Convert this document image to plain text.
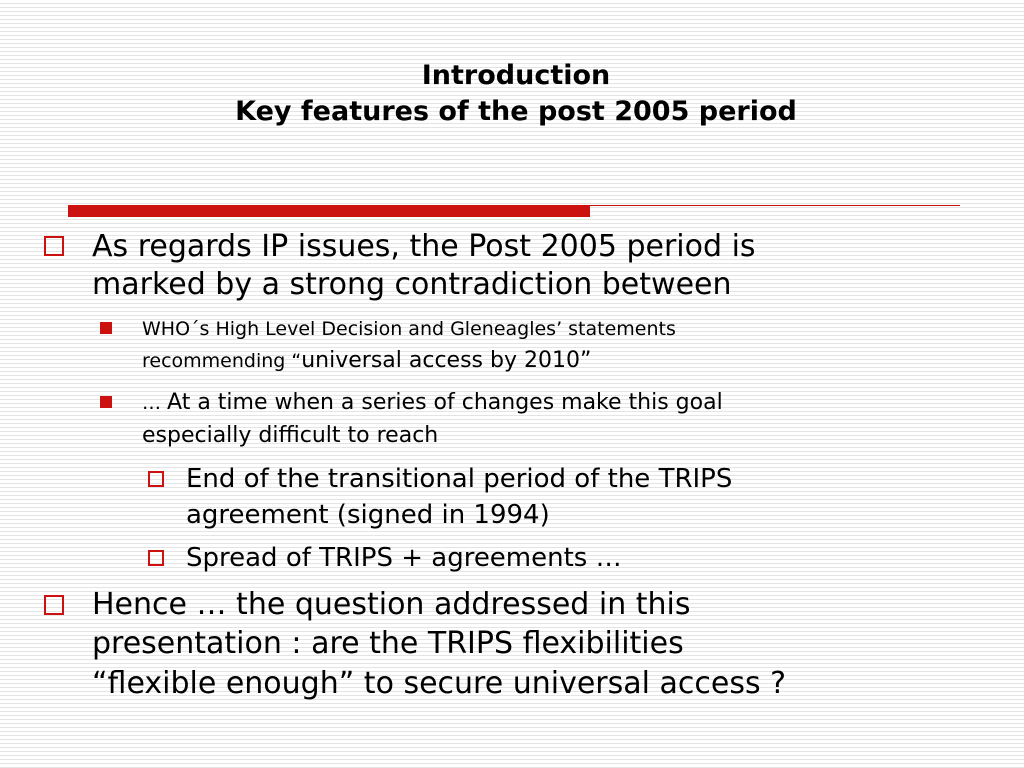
Introduction
Key features of the post 2005 period
As regards IP issues, the Post 2005 period is
marked by a strong contradiction between
WHO´s High Level Decision and Gleneagles’ statements
recommending “universal access by 2010”
… At a time when a series of changes make this goal
especially difficult to reach
End of the transitional period of the TRIPS
agreement (signed in 1994)
Spread of TRIPS + agreements …
Hence … the question addressed in this
presentation : are the TRIPS flexibilities
“flexible enough” to secure universal access ?
